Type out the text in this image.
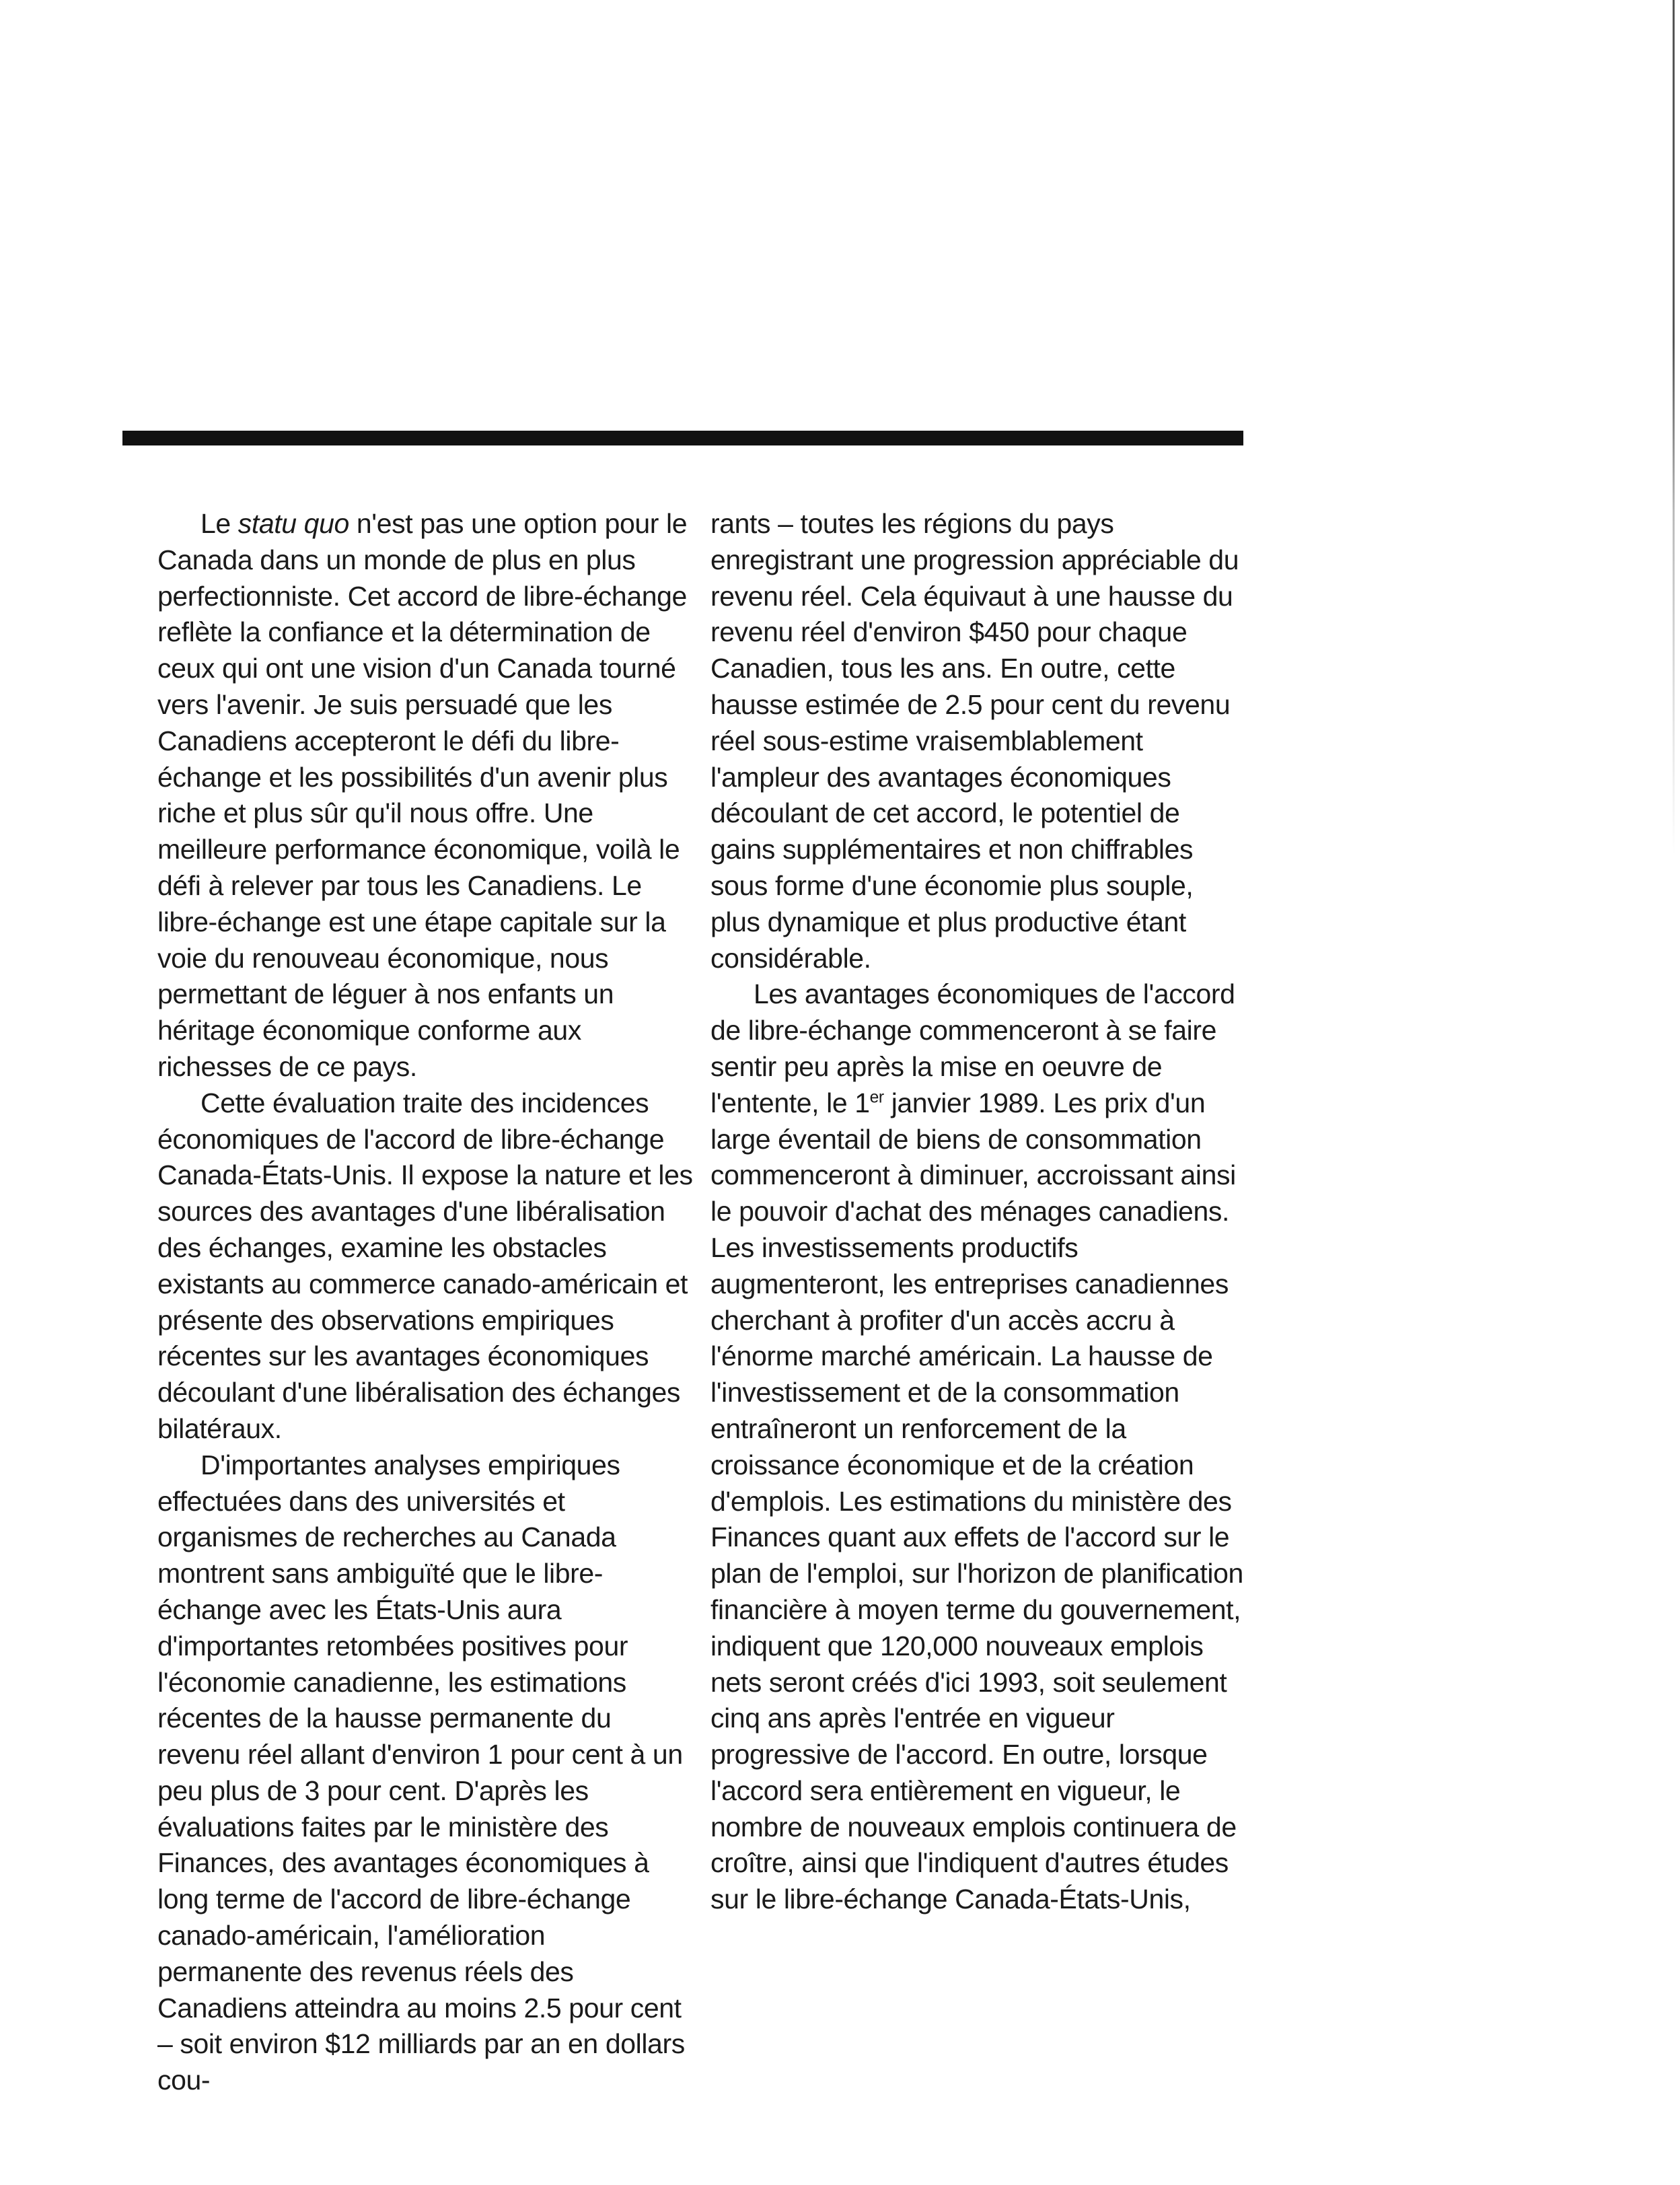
Le statu quo n'est pas une option pour le Canada dans un monde de plus en plus perfectionniste. Cet accord de libre-échange reflète la confiance et la détermination de ceux qui ont une vision d'un Canada tourné vers l'avenir. Je suis persuadé que les Canadiens accepteront le défi du libre-échange et les possibilités d'un avenir plus riche et plus sûr qu'il nous offre. Une meilleure performance économique, voilà le défi à relever par tous les Canadiens. Le libre-échange est une étape capitale sur la voie du renouveau économique, nous permettant de léguer à nos enfants un héritage économique conforme aux richesses de ce pays.

Cette évaluation traite des incidences économiques de l'accord de libre-échange Canada-États-Unis. Il expose la nature et les sources des avantages d'une libéralisation des échanges, examine les obstacles existants au commerce canado-américain et présente des observations empiriques récentes sur les avantages économiques découlant d'une libéralisation des échanges bilatéraux.

D'importantes analyses empiriques effectuées dans des universités et organismes de recherches au Canada montrent sans ambiguïté que le libre-échange avec les États-Unis aura d'importantes retombées positives pour l'économie canadienne, les estimations récentes de la hausse permanente du revenu réel allant d'environ 1 pour cent à un peu plus de 3 pour cent. D'après les évaluations faites par le ministère des Finances, des avantages économiques à long terme de l'accord de libre-échange canado-américain, l'amélioration permanente des revenus réels des Canadiens atteindra au moins 2.5 pour cent – soit environ $12 milliards par an en dollars cou-

rants – toutes les régions du pays enregistrant une progression appréciable du revenu réel. Cela équivaut à une hausse du revenu réel d'environ $450 pour chaque Canadien, tous les ans. En outre, cette hausse estimée de 2.5 pour cent du revenu réel sous-estime vraisemblablement l'ampleur des avantages économiques découlant de cet accord, le potentiel de gains supplémentaires et non chiffrables sous forme d'une économie plus souple, plus dynamique et plus productive étant considérable.

Les avantages économiques de l'accord de libre-échange commenceront à se faire sentir peu après la mise en oeuvre de l'entente, le 1er janvier 1989. Les prix d'un large éventail de biens de consommation commenceront à diminuer, accroissant ainsi le pouvoir d'achat des ménages canadiens. Les investissements productifs augmenteront, les entreprises canadiennes cherchant à profiter d'un accès accru à l'énorme marché américain. La hausse de l'investissement et de la consommation entraîneront un renforcement de la croissance économique et de la création d'emplois. Les estimations du ministère des Finances quant aux effets de l'accord sur le plan de l'emploi, sur l'horizon de planification financière à moyen terme du gouvernement, indiquent que 120,000 nouveaux emplois nets seront créés d'ici 1993, soit seulement cinq ans après l'entrée en vigueur progressive de l'accord. En outre, lorsque l'accord sera entièrement en vigueur, le nombre de nouveaux emplois continuera de croître, ainsi que l'indiquent d'autres études sur le libre-échange Canada-États-Unis,
